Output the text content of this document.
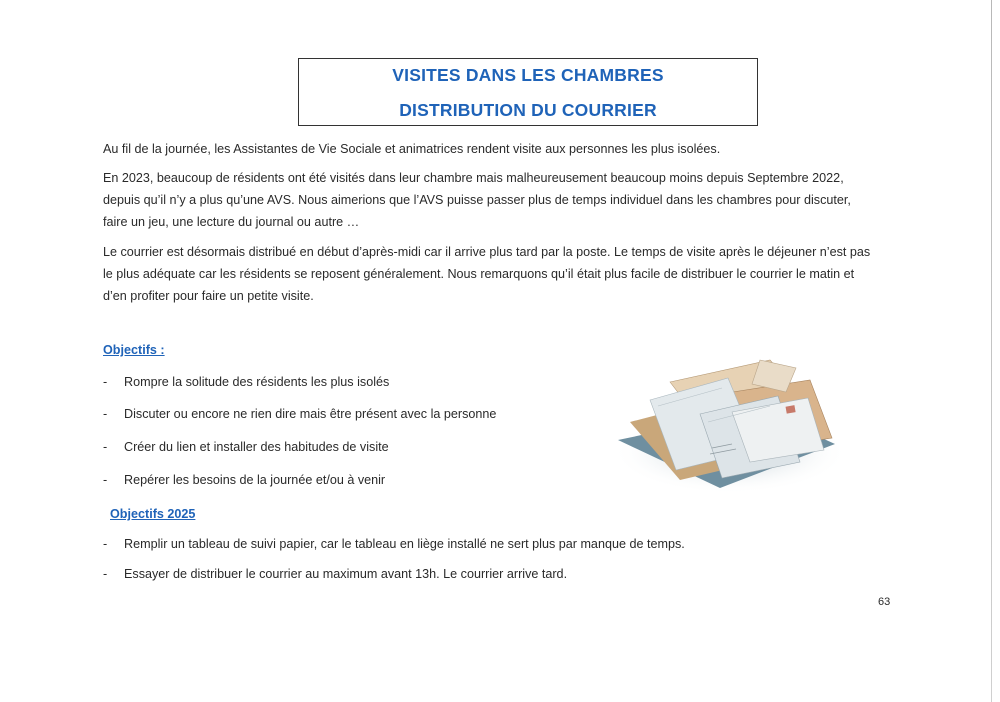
VISITES DANS LES CHAMBRES
DISTRIBUTION DU COURRIER

Au fil de la journée, les Assistantes de Vie Sociale et animatrices rendent visite aux personnes les plus isolées.

En 2023, beaucoup de résidents ont été visités dans leur chambre mais malheureusement beaucoup moins depuis Septembre 2022, depuis qu’il n’y a plus qu’une AVS. Nous aimerions que l’AVS puisse passer plus de temps individuel dans les chambres pour discuter, faire un jeu, une lecture du journal ou autre …

Le courrier est désormais distribué en début d’après-midi car il arrive plus tard par la poste. Le temps de visite après le déjeuner n’est pas le plus adéquate car les résidents se reposent généralement. Nous remarquons qu’il était plus facile de distribuer le courrier le matin et d’en profiter pour faire un petite visite.

Objectifs :
- Rompre la solitude des résidents les plus isolés
- Discuter ou encore ne rien dire mais être présent avec la personne
- Créer du lien et installer des habitudes de visite
- Repérer les besoins de la journée et/ou à venir
Objectifs 2025
- Remplir un tableau de suivi papier, car le tableau en liège installé ne sert plus par manque de temps.
- Essayer de distribuer le courrier au maximum avant 13h. Le courrier arrive tard.
63
